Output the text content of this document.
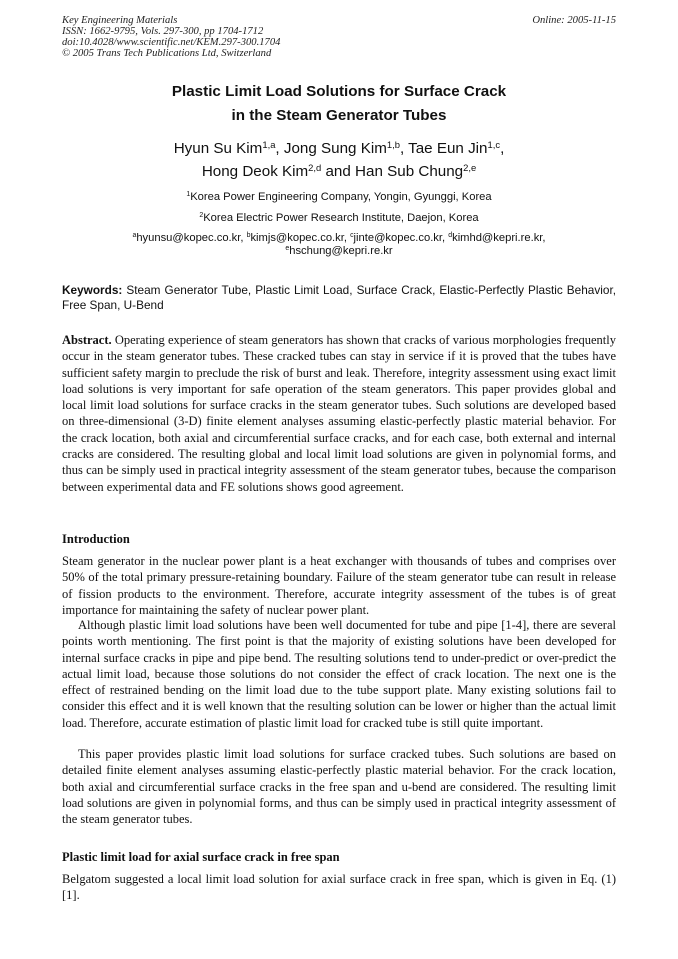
Key Engineering Materials
ISSN: 1662-9795, Vols. 297-300, pp 1704-1712
doi:10.4028/www.scientific.net/KEM.297-300.1704
© 2005 Trans Tech Publications Ltd, Switzerland
Online: 2005-11-15
Plastic Limit Load Solutions for Surface Crack
in the Steam Generator Tubes
Hyun Su Kim$^{1,a}$, Jong Sung Kim$^{1,b}$, Tae Eun Jin$^{1,c}$,
Hong Deok Kim$^{2,d}$ and Han Sub Chung$^{2,e}$
$^1$Korea Power Engineering Company, Yongin, Gyunggi, Korea
$^2$Korea Electric Power Research Institute, Daejon, Korea
$^a$hyunsu@kopec.co.kr, $^b$kimjs@kopec.co.kr, $^c$jinte@kopec.co.kr, $^d$kimhd@kepri.re.kr,
$^e$hschung@kepri.re.kr
Keywords: Steam Generator Tube, Plastic Limit Load, Surface Crack, Elastic-Perfectly Plastic Behavior, Free Span, U-Bend
Abstract. Operating experience of steam generators has shown that cracks of various morphologies frequently occur in the steam generator tubes. These cracked tubes can stay in service if it is proved that the tubes have sufficient safety margin to preclude the risk of burst and leak. Therefore, integrity assessment using exact limit load solutions is very important for safe operation of the steam generators. This paper provides global and local limit load solutions for surface cracks in the steam generator tubes. Such solutions are developed based on three-dimensional (3-D) finite element analyses assuming elastic-perfectly plastic material behavior. For the crack location, both axial and circumferential surface cracks, and for each case, both external and internal cracks are considered. The resulting global and local limit load solutions are given in polynomial forms, and thus can be simply used in practical integrity assessment of the steam generator tubes, because the comparison between experimental data and FE solutions shows good agreement.
Introduction
Steam generator in the nuclear power plant is a heat exchanger with thousands of tubes and comprises over 50% of the total primary pressure-retaining boundary. Failure of the steam generator tube can result in release of fission products to the environment. Therefore, accurate integrity assessment of the tubes is of great importance for maintaining the safety of nuclear power plant.
Although plastic limit load solutions have been well documented for tube and pipe [1-4], there are several points worth mentioning. The first point is that the majority of existing solutions have been developed for internal surface cracks in pipe and pipe bend. The resulting solutions tend to under-predict or over-predict the actual limit load, because those solutions do not consider the effect of crack location. The next one is the effect of restrained bending on the limit load due to the tube support plate. Many existing solutions fail to consider this effect and it is well known that the resulting solution can be lower or higher than the actual limit load. Therefore, accurate estimation of plastic limit load for cracked tube is still quite important.
This paper provides plastic limit load solutions for surface cracked tubes. Such solutions are based on detailed finite element analyses assuming elastic-perfectly plastic material behavior. For the crack location, both axial and circumferential surface cracks in the free span and u-bend are considered. The resulting limit load solutions are given in polynomial forms, and thus can be simply used in practical integrity assessment of the steam generator tubes.
Plastic limit load for axial surface crack in free span
Belgatom suggested a local limit load solution for axial surface crack in free span, which is given in Eq. (1) [1].
